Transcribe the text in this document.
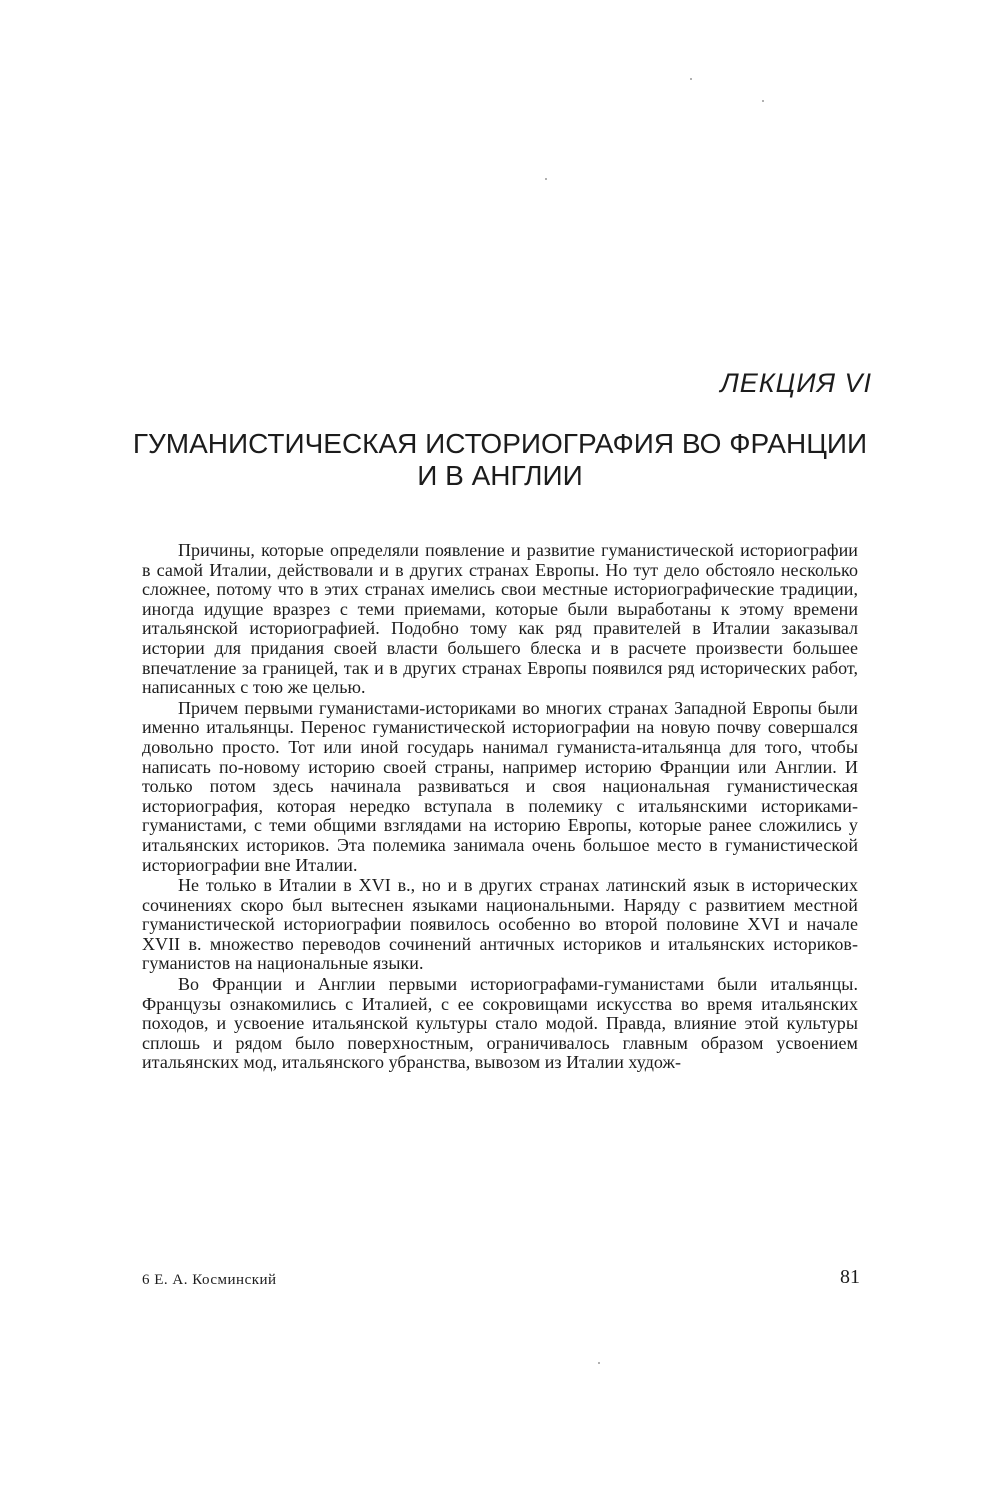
ЛЕКЦИЯ VI
ГУМАНИСТИЧЕСКАЯ ИСТОРИОГРАФИЯ ВО ФРАНЦИИ
И В АНГЛИИ

Причины, которые определяли появление и развитие гуманистической историографии в самой Италии, действовали и в других странах Европы. Но тут дело обстояло несколько сложнее, потому что в этих странах имелись свои местные историографические традиции, иногда идущие вразрез с теми приемами, которые были выработаны к этому времени итальянской историографией. Подобно тому как ряд правителей в Италии заказывал истории для придания своей власти большего блеска и в расчете произвести большее впечатление за границей, так и в других странах Европы появился ряд исторических работ, написанных с тою же целью.

Причем первыми гуманистами-историками во многих странах Западной Европы были именно итальянцы. Перенос гуманистической историографии на новую почву совершался довольно просто. Тот или иной государь нанимал гуманиста-итальянца для того, чтобы написать по-новому историю своей страны, например историю Франции или Англии. И только потом здесь начинала развиваться и своя национальная гуманистическая историография, которая нередко вступала в полемику с итальянскими историками-гуманистами, с теми общими взглядами на историю Европы, которые ранее сложились у итальянских историков. Эта полемика занимала очень большое место в гуманистической историографии вне Италии.

Не только в Италии в XVI в., но и в других странах латинский язык в исторических сочинениях скоро был вытеснен языками национальными. Наряду с развитием местной гуманистической историографии появилось особенно во второй половине XVI и начале XVII в. множество переводов сочинений античных историков и итальянских историков-гуманистов на национальные языки.

Во Франции и Англии первыми историографами-гуманистами были итальянцы. Французы ознакомились с Италией, с ее сокровищами искусства во время итальянских походов, и усвоение итальянской культуры стало модой. Правда, влияние этой культуры сплошь и рядом было поверхностным, ограничивалось главным образом усвоением итальянских мод, итальянского убранства, вывозом из Италии худож-

6 Е. А. Косминский	81
